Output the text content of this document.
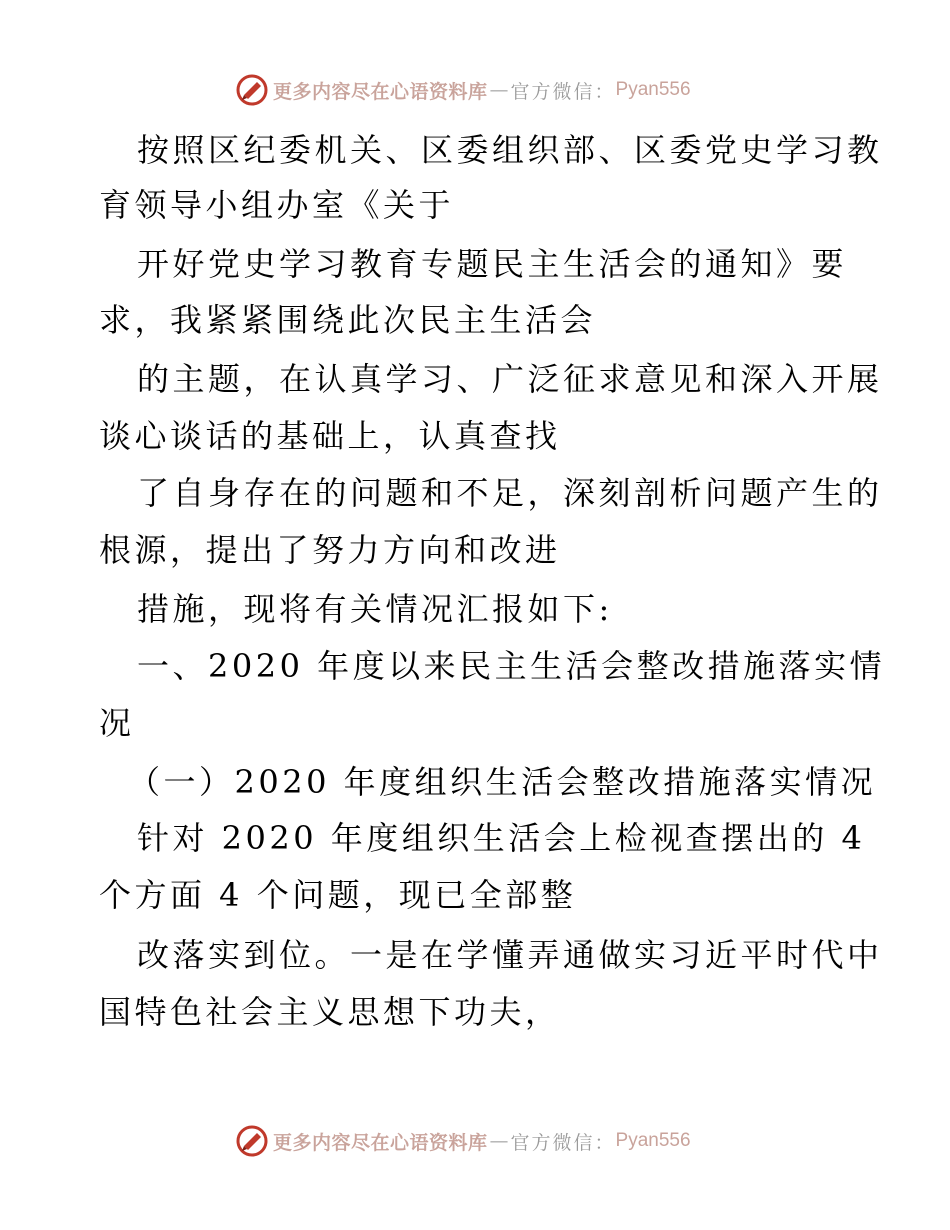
更多内容尽在心语资料库 — 官方微信： Pyan556
按照区纪委机关、区委组织部、区委党史学习教
育领导小组办室《关于
开好党史学习教育专题民主生活会的通知》要
求，我紧紧围绕此次民主生活会
的主题，在认真学习、广泛征求意见和深入开展
谈心谈话的基础上，认真查找
了自身存在的问题和不足，深刻剖析问题产生的
根源，提出了努力方向和改进
措施，现将有关情况汇报如下:
一、2020 年度以来民主生活会整改措施落实情
况
（一）2020 年度组织生活会整改措施落实情况
针对 2020 年度组织生活会上检视查摆出的 4
个方面 4 个问题，现已全部整
改落实到位。一是在学懂弄通做实习近平时代中
国特色社会主义思想下功夫，
更多内容尽在心语资料库 — 官方微信： Pyan556
